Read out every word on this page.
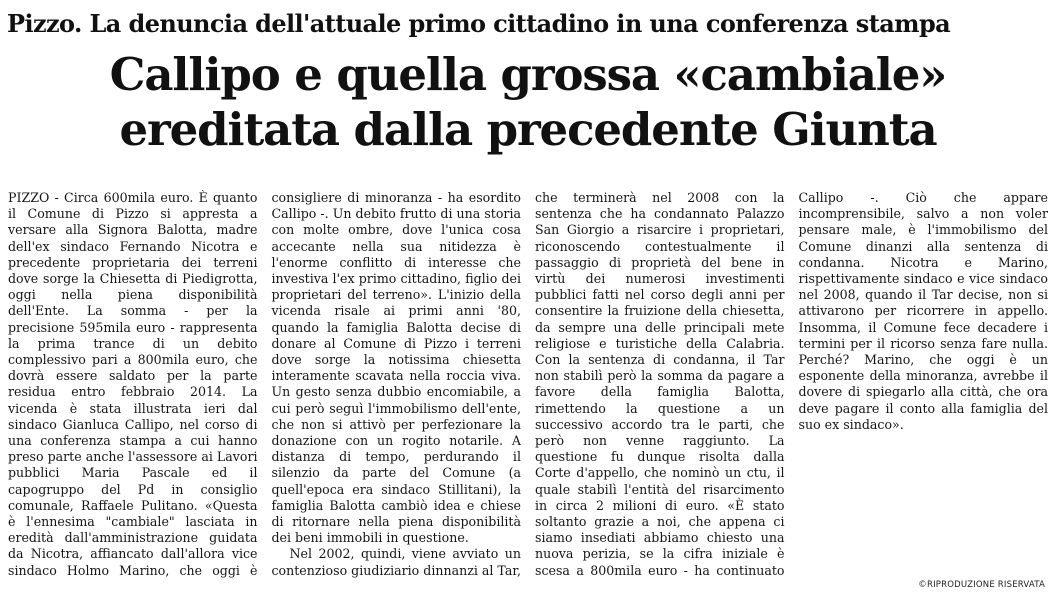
Pizzo. La denuncia dell'attuale primo cittadino in una conferenza stampa
Callipo e quella grossa «cambiale»
ereditata dalla precedente Giunta

PIZZO - Circa 600mila euro. È quanto il Comune di Pizzo si appresta a versare alla Signora Balotta, madre dell'ex sindaco Fernando Nicotra e precedente proprietaria dei terreni dove sorge la Chiesetta di Piedigrotta, oggi nella piena disponibilità dell'Ente. La somma - per la precisione 595mila euro - rappresenta la prima trance di un debito complessivo pari a 800mila euro, che dovrà essere saldato per la parte residua entro febbraio 2014. La vicenda è stata illustrata ieri dal sindaco Gianluca Callipo, nel corso di una conferenza stampa a cui hanno preso parte anche l'assessore ai Lavori pubblici Maria Pascale ed il capogruppo del Pd in consiglio comunale, Raffaele Pulitano. «Questa è l'ennesima "cambiale" lasciata in eredità dall'amministrazione guidata da Nicotra, affiancato dall'allora vice sindaco Holmo Marino, che oggi è consigliere di minoranza - ha esordito Callipo -. Un debito frutto di una storia con molte ombre, dove l'unica cosa accecante nella sua nitidezza è l'enorme conflitto di interesse che investiva l'ex primo cittadino, figlio dei proprietari del terreno». L'inizio della vicenda risale ai primi anni '80, quando la famiglia Balotta decise di donare al Comune di Pizzo i terreni dove sorge la notissima chiesetta interamente scavata nella roccia viva. Un gesto senza dubbio encomiabile, a cui però seguì l'immobilismo dell'ente, che non si attivò per perfezionare la donazione con un rogito notarile. A distanza di tempo, perdurando il silenzio da parte del Comune (a quell'epoca era sindaco Stillitani), la famiglia Balotta cambiò idea e chiese di ritornare nella piena disponibilità dei beni immobili in questione.

Nel 2002, quindi, viene avviato un contenzioso giudiziario dinnanzi al Tar, che terminerà nel 2008 con la sentenza che ha condannato Palazzo San Giorgio a risarcire i proprietari, riconoscendo contestualmente il passaggio di proprietà del bene in virtù dei numerosi investimenti pubblici fatti nel corso degli anni per consentire la fruizione della chiesetta, da sempre una delle principali mete religiose e turistiche della Calabria. Con la sentenza di condanna, il Tar non stabilì però la somma da pagare a favore della famiglia Balotta, rimettendo la questione a un successivo accordo tra le parti, che però non venne raggiunto. La questione fu dunque risolta dalla Corte d'appello, che nominò un ctu, il quale stabilì l'entità del risarcimento in circa 2 milioni di euro. «È stato soltanto grazie a noi, che appena ci siamo insediati abbiamo chiesto una nuova perizia, se la cifra iniziale è scesa a 800mila euro - ha continuato Callipo -. Ciò che appare incomprensibile, salvo a non voler pensare male, è l'immobilismo del Comune dinanzi alla sentenza di condanna. Nicotra e Marino, rispettivamente sindaco e vice sindaco nel 2008, quando il Tar decise, non si attivarono per ricorrere in appello. Insomma, il Comune fece decadere i termini per il ricorso senza fare nulla. Perché? Marino, che oggi è un esponente della minoranza, avrebbe il dovere di spiegarlo alla città, che ora deve pagare il conto alla famiglia del suo ex sindaco».

©RIPRODUZIONE RISERVATA
